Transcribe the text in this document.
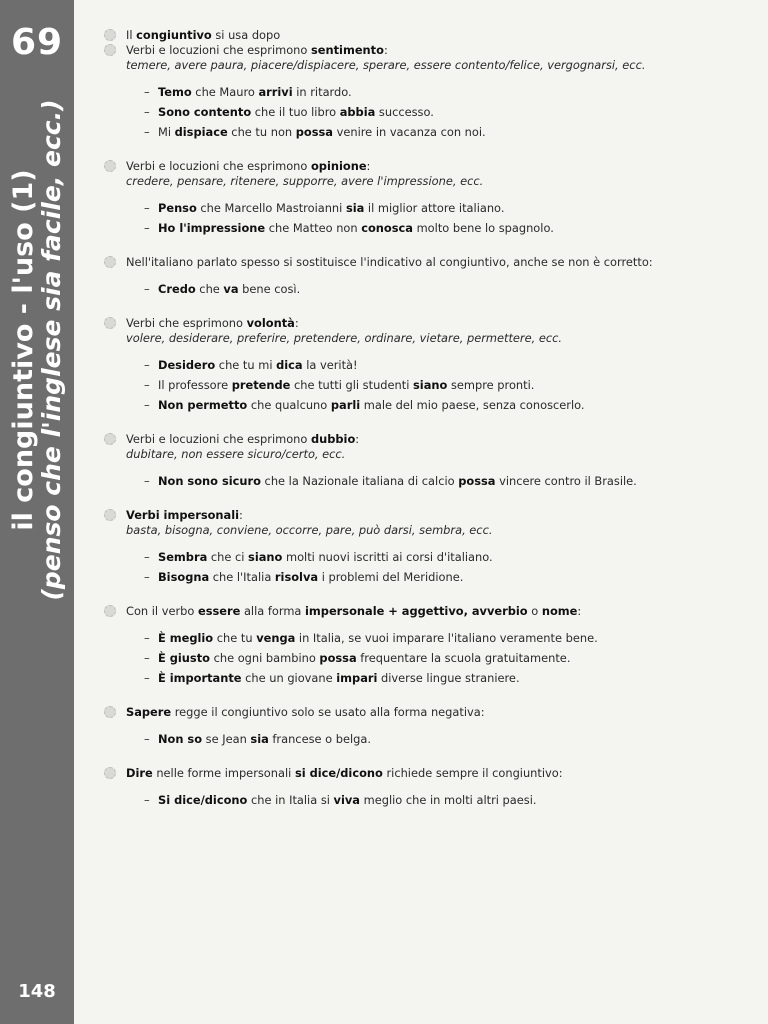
69
il congiuntivo - l'uso (1)
(penso che l'inglese sia facile, ecc.)
148

Il congiuntivo si usa dopo

Verbi e locuzioni che esprimono sentimento:

temere, avere paura, piacere/dispiacere, sperare, essere contento/felice, vergognarsi, ecc.

– Temo che Mauro arrivi in ritardo.
– Sono contento che il tuo libro abbia successo.
– Mi dispiace che tu non possa venire in vacanza con noi.

Verbi e locuzioni che esprimono opinione:

credere, pensare, ritenere, supporre, avere l'impressione, ecc.

– Penso che Marcello Mastroianni sia il miglior attore italiano.
– Ho l'impressione che Matteo non conosca molto bene lo spagnolo.

Nell'italiano parlato spesso si sostituisce l'indicativo al congiuntivo, anche se non è corretto:

– Credo che va bene così.

Verbi che esprimono volontà:

volere, desiderare, preferire, pretendere, ordinare, vietare, permettere, ecc.

– Desidero che tu mi dica la verità!
– Il professore pretende che tutti gli studenti siano sempre pronti.
– Non permetto che qualcuno parli male del mio paese, senza conoscerlo.

Verbi e locuzioni che esprimono dubbio:

dubitare, non essere sicuro/certo, ecc.

– Non sono sicuro che la Nazionale italiana di calcio possa vincere contro il Brasile.

Verbi impersonali:

basta, bisogna, conviene, occorre, pare, può darsi, sembra, ecc.

– Sembra che ci siano molti nuovi iscritti ai corsi d'italiano.
– Bisogna che l'Italia risolva i problemi del Meridione.

Con il verbo essere alla forma impersonale + aggettivo, avverbio o nome:

– È meglio che tu venga in Italia, se vuoi imparare l'italiano veramente bene.
– È giusto che ogni bambino possa frequentare la scuola gratuitamente.
– È importante che un giovane impari diverse lingue straniere.

Sapere regge il congiuntivo solo se usato alla forma negativa:

– Non so se Jean sia francese o belga.

Dire nelle forme impersonali si dice/dicono richiede sempre il congiuntivo:

– Si dice/dicono che in Italia si viva meglio che in molti altri paesi.
